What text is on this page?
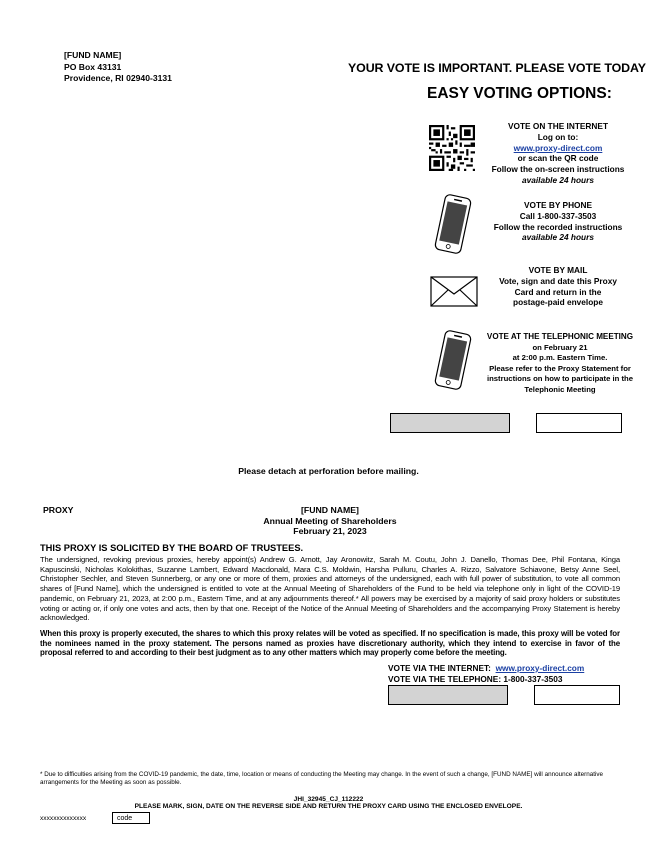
[FUND NAME]
PO Box 43131
Providence, RI 02940-3131
YOUR VOTE IS IMPORTANT. PLEASE VOTE TODAY
EASY VOTING OPTIONS:
VOTE ON THE INTERNET
Log on to:
www.proxy-direct.com
or scan the QR code
Follow the on-screen instructions
available 24 hours
VOTE BY PHONE
Call 1-800-337-3503
Follow the recorded instructions
available 24 hours
VOTE BY MAIL
Vote, sign and date this Proxy
Card and return in the
postage-paid envelope
VOTE AT THE TELEPHONIC MEETING
on February 21
at 2:00 p.m. Eastern Time.
Please refer to the Proxy Statement for
instructions on how to participate in the
Telephonic Meeting
Please detach at perforation before mailing.
PROXY	[FUND NAME]
Annual Meeting of Shareholders
February 21, 2023
THIS PROXY IS SOLICITED BY THE BOARD OF TRUSTEES.
The undersigned, revoking previous proxies, hereby appoint(s) Andrew G. Arnott, Jay Aronowitz, Sarah M. Coutu, John J. Danello, Thomas Dee, Phil Fontana, Kinga Kapuscinski, Nicholas Kolokithas, Suzanne Lambert, Edward Macdonald, Mara C.S. Moldwin, Harsha Pulluru, Charles A. Rizzo, Salvatore Schiavone, Betsy Anne Seel, Christopher Sechler, and Steven Sunnerberg, or any one or more of them, proxies and attorneys of the undersigned, each with full power of substitution, to vote all common shares of [Fund Name], which the undersigned is entitled to vote at the Annual Meeting of Shareholders of the Fund to be held via telephone only in light of the COVID-19 pandemic, on February 21, 2023, at 2:00 p.m., Eastern Time, and at any adjournments thereof.* All powers may be exercised by a majority of said proxy holders or substitutes voting or acting or, if only one votes and acts, then by that one. Receipt of the Notice of the Annual Meeting of Shareholders and the accompanying Proxy Statement is hereby acknowledged.
When this proxy is properly executed, the shares to which this proxy relates will be voted as specified. If no specification is made, this proxy will be voted for the nominees named in the proxy statement. The persons named as proxies have discretionary authority, which they intend to exercise in favor of the proposal referred to and according to their best judgment as to any other matters which may properly come before the meeting.
VOTE VIA THE INTERNET: www.proxy-direct.com
VOTE VIA THE TELEPHONE: 1-800-337-3503
* Due to difficulties arising from the COVID-19 pandemic, the date, time, location or means of conducting the Meeting may change. In the event of such a change, [FUND NAME] will announce alternative arrangements for the Meeting as soon as possible.
JHI_32945_CJ_112222
PLEASE MARK, SIGN, DATE ON THE REVERSE SIDE AND RETURN THE PROXY CARD USING THE ENCLOSED ENVELOPE.
xxxxxxxxxxxxxx	code
